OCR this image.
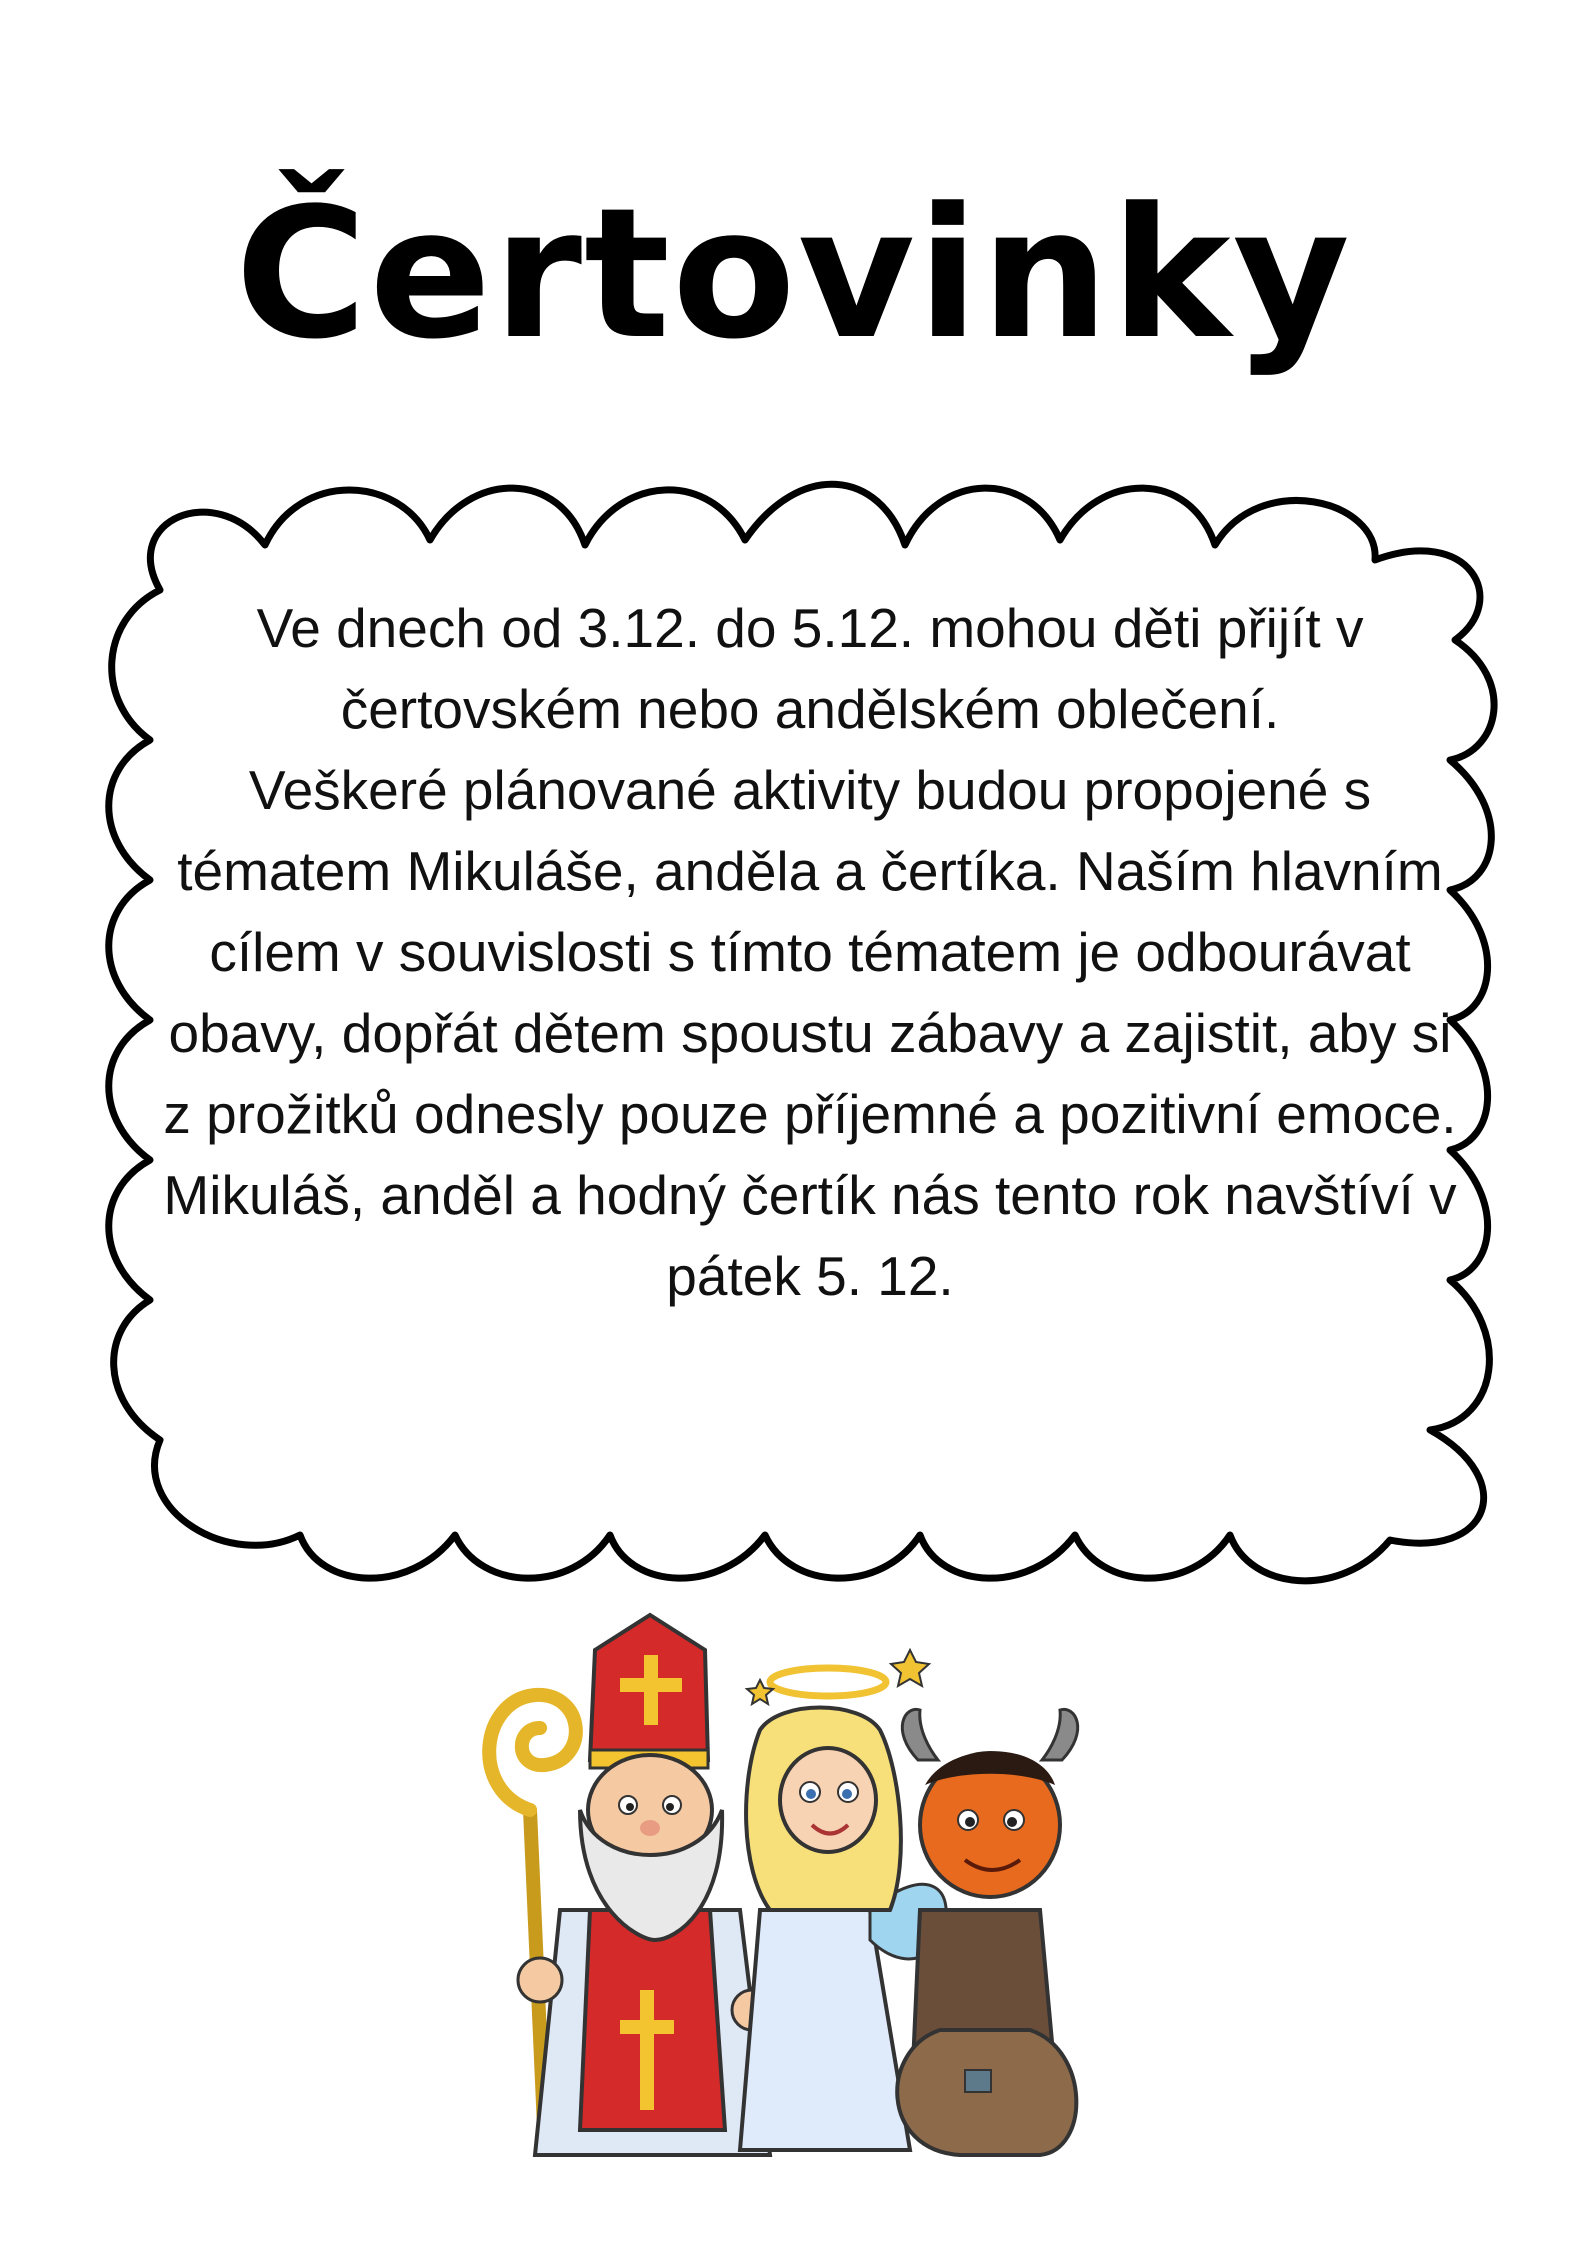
Čertovinky

Ve dnech od 3.12. do 5.12. mohou děti přijít v čertovském nebo andělském oblečení.

Veškeré plánované aktivity budou propojené s tématem Mikuláše, anděla a čertíka. Naším hlavním cílem v souvislosti s tímto tématem je odbourávat obavy, dopřát dětem spoustu zábavy a zajistit, aby si z prožitků odnesly pouze příjemné a pozitivní emoce.

Mikuláš, anděl a hodný čertík nás tento rok navštíví v pátek 5. 12.
